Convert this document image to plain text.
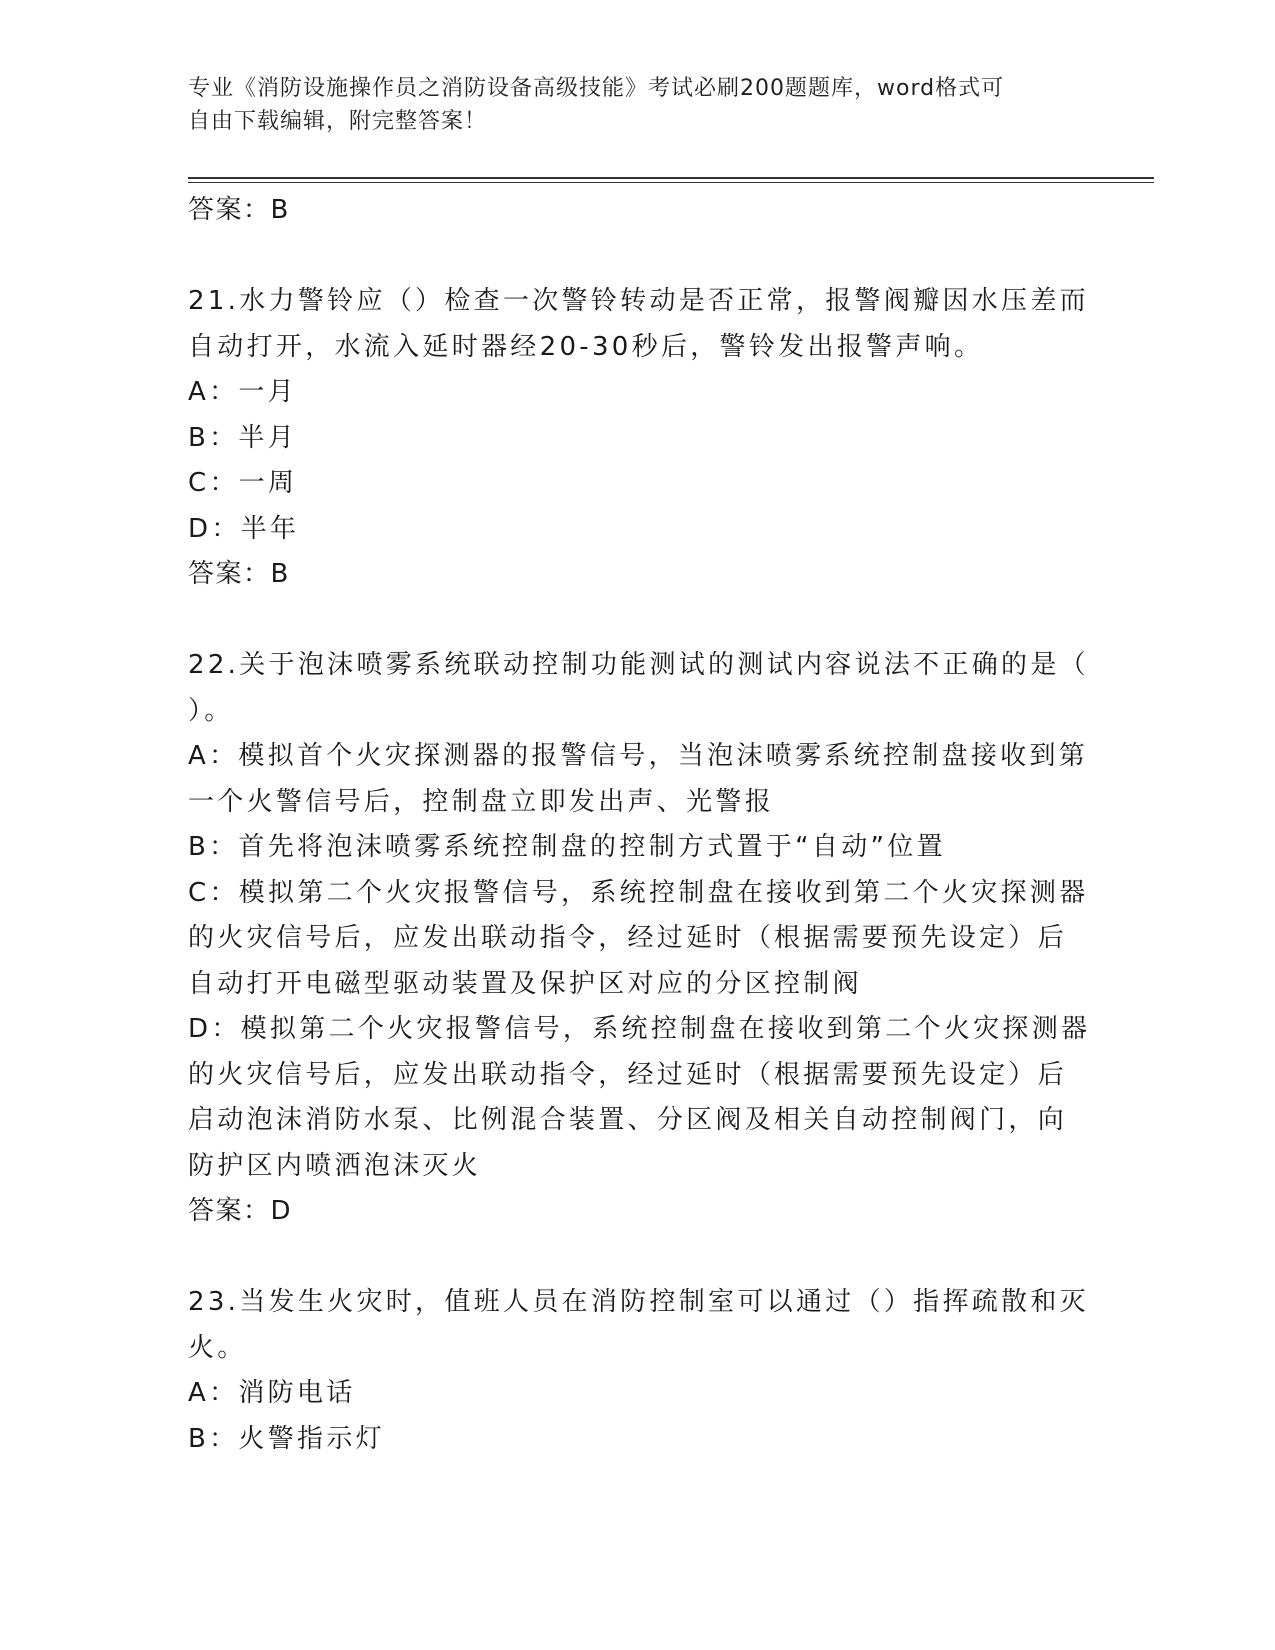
专业《消防设施操作员之消防设备高级技能》考试必刷200题题库，word格式可
自由下载编辑，附完整答案！
答案：B
21.水力警铃应（）检查一次警铃转动是否正常，报警阀瓣因水压差而
自动打开，水流入延时器经20-30秒后，警铃发出报警声响。
A：一月
B：半月
C：一周
D：半年
答案：B
22.关于泡沫喷雾系统联动控制功能测试的测试内容说法不正确的是（
）。
A：模拟首个火灾探测器的报警信号，当泡沫喷雾系统控制盘接收到第
一个火警信号后，控制盘立即发出声、光警报
B：首先将泡沫喷雾系统控制盘的控制方式置于“自动”位置
C：模拟第二个火灾报警信号，系统控制盘在接收到第二个火灾探测器
的火灾信号后，应发出联动指令，经过延时（根据需要预先设定）后
自动打开电磁型驱动装置及保护区对应的分区控制阀
D：模拟第二个火灾报警信号，系统控制盘在接收到第二个火灾探测器
的火灾信号后，应发出联动指令，经过延时（根据需要预先设定）后
启动泡沫消防水泵、比例混合装置、分区阀及相关自动控制阀门，向
防护区内喷洒泡沫灭火
答案：D
23.当发生火灾时，值班人员在消防控制室可以通过（）指挥疏散和灭
火。
A：消防电话
B：火警指示灯
